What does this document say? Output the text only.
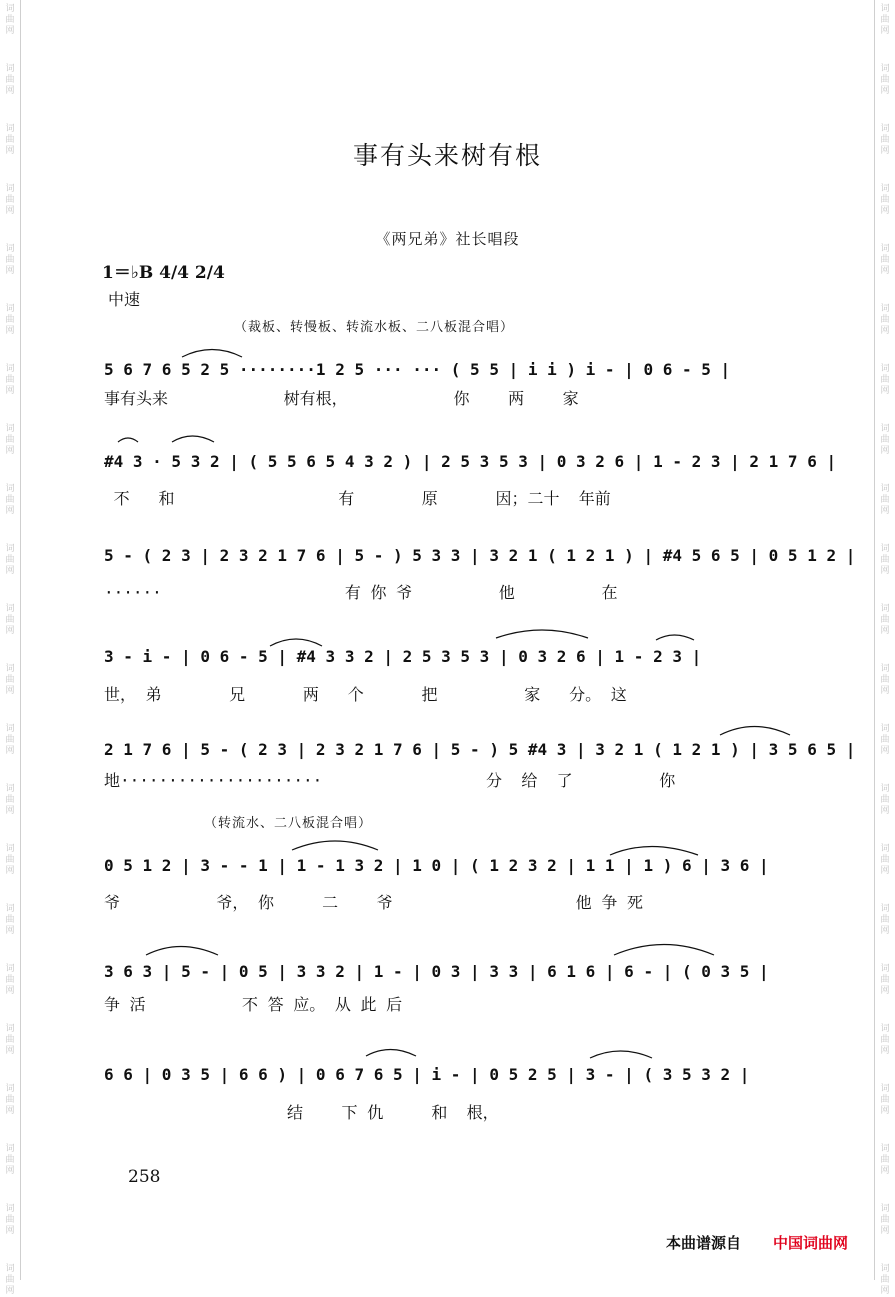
词曲网
词曲网
词曲网
词曲网
词曲网
词曲网
词曲网
词曲网
词曲网
词曲网
词曲网
词曲网
词曲网
词曲网
词曲网
词曲网
词曲网
词曲网
词曲网
词曲网
词曲网
词曲网
词曲网
词曲网
词曲网
词曲网
词曲网
词曲网
词曲网
词曲网
词曲网
词曲网
词曲网
词曲网
词曲网
词曲网
词曲网
词曲网
词曲网
词曲网
词曲网
词曲网
词曲网
词曲网
事有头来树有根
《两兄弟》社长唱段
1＝♭B 4/4 2/4
中速
（裁板、转慢板、转流水板、二八板混合唱）
（转流水、二八板混合唱）
5 6 7 6 5 2 5 ········1 2 5 ··· ··· ( 5 5 | i i ) i - | 0 6 - 5 |
事有头来            树有根，           你    两    家
#4 3 · 5 3 2 | ( 5 5 6 5 4 3 2 ) | 2 5 3 5 3 | 0 3 2 6 | 1 - 2 3 | 2 1 7 6 |
不   和                 有       原      因；二十  年前
5 - ( 2 3 | 2 3 2 1 7 6 | 5 - ) 5 3 3 | 3 2 1 ( 1 2 1 ) | #4 5 6 5 | 0 5 1 2 |
······                   有 你 爷         他         在
3 - i - | 0 6 - 5 | #4 3 3 2 | 2 5 3 5 3 | 0 3 2 6 | 1 - 2 3 |
世， 弟       兄      两   个      把         家   分。 这
2 1 7 6 | 5 - ( 2 3 | 2 3 2 1 7 6 | 5 - ) 5 #4 3 | 3 2 1 ( 1 2 1 ) | 3 5 6 5 |
地·····················                 分  给  了         你
0 5 1 2 | 3 - - 1 | 1 - 1 3 2 | 1 0 | ( 1 2 3 2 | 1 1 | 1 ) 6 | 3 6 |
爷          爷， 你     二    爷                   他 争 死
3 6 3 | 5 - | 0 5 | 3 3 2 | 1 - | 0 3 | 3 3 | 6 1 6 | 6 - | ( 0 3 5 |
争 活          不 答 应。 从 此 后
6 6 | 0 3 5 | 6 6 ) | 0 6 7 6 5 | i - | 0 5 2 5 | 3 - | ( 3 5 3 2 |
结    下 仇     和  根，
258
本曲谱源自 中国词曲网
